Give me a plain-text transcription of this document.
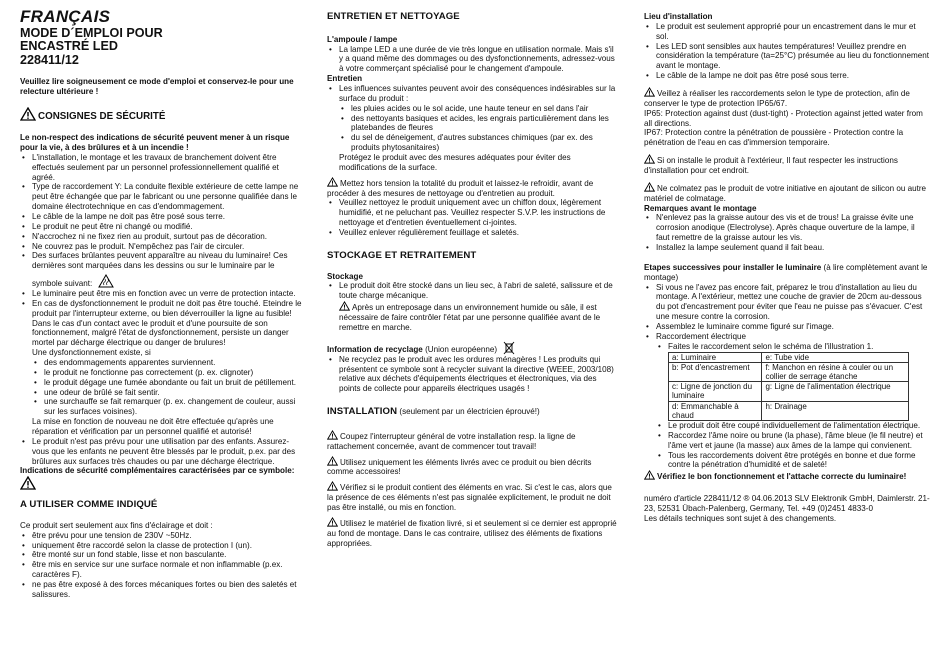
FRANÇAIS
MODE D´EMPLOI POUR
ENCASTRÉ LED
228411/12

Veuillez lire soigneusement ce mode d'emploi et conservez-le pour une relecture ultérieure !

CONSIGNES DE SÉCURITÉ

Le non-respect des indications de sécurité peuvent mener à un risque pour la vie, à des brûlures et à un incendie !

• L'installation, le montage et les travaux de branchement doivent être effectués seulement par un personnel professionnellement qualifié et agréé.
• Type de raccordement Y: La conduite flexible extérieure de cette lampe ne peut être échangée que par le fabricant ou une personne qualifiée dans le domaine électrotechnique en cas d'endommagement.
• Le câble de la lampe ne doit pas être posé sous terre.
• Le produit ne peut être ni changé ou modifié.
• N'accrochez ni ne fixez rien au produit, surtout pas de décoration.
• Ne couvrez pas le produit. N'empêchez pas l'air de circuler.
• Des surfaces brûlantes peuvent apparaître au niveau du luminaire! Ces dernières sont marquées dans les dessins ou sur le luminaire par le

symbole suivant:

• Le luminaire peut être mis en fonction avec un verre de protection intacte.
• En cas de dysfonctionnement le produit ne doit pas être touché. Eteindre le produit par l'interrupteur externe, ou bien déverrouiller la ligne au fusible! Dans le cas d'un contact avec le produit et d'une poursuite de son fonctionnement, malgré l'état de dysfonctionnement, persiste un danger mortel par décharge électrique ou danger de brulures!

Une dysfonctionnement existe, si

• des endommagements apparentes surviennent.
• le produit ne fonctionne pas correctement (p. ex. clignoter)
• le produit dégage une fumée abondante ou fait un bruit de pétillement.
• une odeur de brûlé se fait sentir.
• une surchauffe se fait remarquer (p. ex. changement de couleur, aussi sur les surfaces voisines).

La mise en fonction de nouveau ne doit être effectuée qu'après une réparation et vérification par un personnel qualifié et autorisé!

• Le produit n'est pas prévu pour une utilisation par des enfants. Assurez-vous que les enfants ne peuvent être blessés par le produit, p.ex. par des brûlures aux surfaces très chaudes ou par une décharge électrique.

Indications de sécurité complémentaires caractérisées par ce symbole:

A UTILISER COMME INDIQUÉ

Ce produit sert seulement aux fins d'éclairage et doit :

• être prévu pour une tension de 230V ~50Hz.
• uniquement être raccordé selon la classe de protection I (un).
• être monté sur un fond stable, lisse et non basculante.
• être mis en service sur une surface normale et non inflammable (p.ex. caractères F).
• ne pas être exposé à des forces mécaniques fortes ou bien des saletés et salissures.
ENTRETIEN ET NETTOYAGE

L'ampoule / lampe

• La lampe LED a une durée de vie très longue en utilisation normale. Mais s'il y a quand même des dommages ou des dysfonctionnements, adressez-vous à votre commerçant spécialisé pour le changement d'ampoule.

Entretien

• Les influences suivantes peuvent avoir des conséquences indésirables sur la surface du produit :
• les pluies acides ou le sol acide, une haute teneur en sel dans l'air
• des nettoyants basiques et acides, les engrais particulièrement dans les platebandes de fleures
• du sel de déneigement, d'autres substances chimiques (par ex. des produits phytosanitaires)

Protégez le produit avec des mesures adéquates pour éviter des modifications de la surface.

Mettez hors tension la totalité du produit et laissez-le refroidir, avant de procéder à des mesures de nettoyage ou d'entretien au produit.

• Veuillez nettoyez le produit uniquement avec un chiffon doux, légèrement humidifié, et ne peluchant pas. Veuillez respecter S.V.P. les instructions de nettoyage et d'entretien éventuellement ci-jointes.
• Veuillez enlever régulièrement feuillage et saletés.
STOCKAGE ET RETRAITEMENT

Stockage

• Le produit doit être stocké dans un lieu sec, à l'abri de saleté, salissure et de toute charge mécanique.

Après un entreposage dans un environnement humide ou sâle, il est nécessaire de faire contrôler l'état par une personne qualifiée avant de le remettre en marche.

Information de recyclage (Union européenne)

• Ne recyclez pas le produit avec les ordures ménagères ! Les produits qui présentent ce symbole sont à recycler suivant la directive (WEEE, 2003/108) relative aux déchets d'équipements électriques et électroniques, via des points de collecte pour appareils électriques usagés !

INSTALLATION (seulement par un électricien éprouvé!)

Coupez l'interrupteur général de votre installation resp. la ligne de rattachement concernée, avant de commencer tout travail!

Utilisez uniquement les éléments livrés avec ce produit ou bien décrits comme accessoires!

Vérifiez si le produit contient des éléments en vrac. Si c'est le cas, alors que la présence de ces éléments n'est pas signalée explicitement, le produit ne doit pas être installé, ou mis en fonction.

Utilisez le matériel de fixation livré, si et seulement si ce dernier est approprié au fond de montage. Dans le cas contraire, utilisez des éléments de fixations appropriées.

Lieu d'installation

• Le produit est seulement approprié pour un encastrement dans le mur et sol.
• Les LED sont sensibles aux hautes températures! Veuillez prendre en considération la température (ta=25°C) présumée au lieu du fonctionnement avant le montage.
• Le câble de la lampe ne doit pas être posé sous terre.

Veillez à réaliser les raccordements selon le type de protection, afin de conserver le type de protection IP65/67.

IP65: Protection against dust (dust-tight) - Protection against jetted water from all directions.

IP67: Protection contre la pénétration de poussière - Protection contre la pénétration de l'eau en cas d'immersion temporaire.

Si on installe le produit à l'extérieur, Il faut respecter les instructions d'installation pour cet endroit.

Ne colmatez pas le produit de votre initiative en ajoutant de silicon ou autre matériel de colmatage.

Remarques avant le montage

• N'enlevez pas la graisse autour des vis et de trous! La graisse évite une corrosion anodique (Electrolyse). Après chaque ouverture de la lampe, il faut remettre de la graisse autour les vis.
• Installez la lampe seulement quand il fait beau.

Etapes successives pour installer le luminaire (à lire complètement avant le montage)

• Si vous ne l'avez pas encore fait, préparez le trou d'installation au lieu du montage. A l'extérieur, mettez une couche de gravier de 20cm au-dessous du pot d'encastrement pour éviter que l'eau ne puisse pas s'évacuer. C'est une mesure contre la corrosion.
• Assemblez le luminaire comme figuré sur l'image.
• Raccordement électrique
• Faites le raccordement selon le schéma de l'illustration 1.
a: Luminaire	e: Tube vide
b: Pot d'encastrement	f: Manchon en résine à couler ou un collier de serrage étanche
c: Ligne de jonction du luminaire	g: Ligne de l'alimentation électrique
d: Emmanchable à chaud	h: Drainage
• Le produit doit être coupé individuellement de l'alimentation électrique.
• Raccordez l'âme noire ou brune (la phase), l'âme bleue (le fil neutre) et l'âme vert et jaune (la masse) aux âmes de la lampe qui convienent.
• Tous les raccordements doivent être protégés en bonne et due forme contre la pénétration d'humidité et de saleté!

Vérifiez le bon fonctionnement et l'attache correcte du luminaire!

numéro d'article 228411/12 ® 04.06.2013 SLV Elektronik GmbH, Daimlerstr. 21-23, 52531 Übach-Palenberg, Germany, Tel. +49 (0)2451 4833-0

Les détails techniques sont sujet à des changements.
